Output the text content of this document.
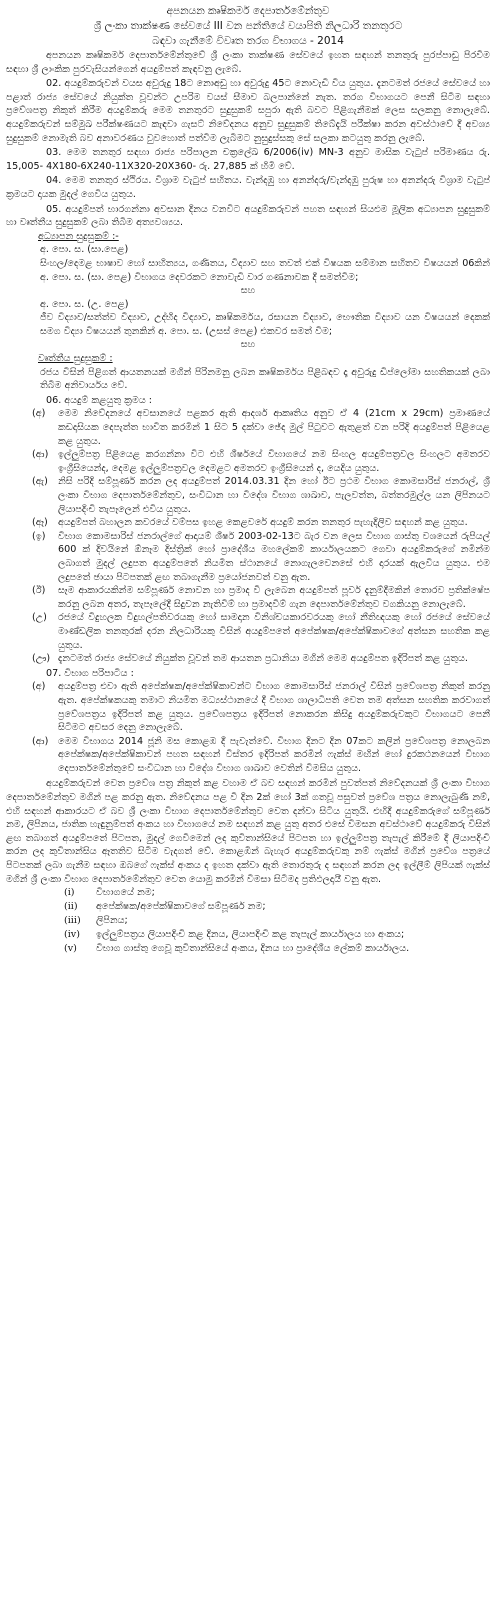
අපනයන කෘෂිකර්ම දෙපාර්තමේන්තුව
ශ්‍රී ලංකා තාක්ෂණ සේවයේ III වන පන්තියේ වයාපිති නිලධාරි තනතුරට
බඳවා ගැනීමේ විවෘත තරග විභාගය - 2014

අපනයන කෘෂිකර්ම දෙපාර්තමේන්තුවේ ශ්‍රී ලංකා තාක්ෂණ සේවයේ ඉහත සඳහන් තනතුරු පුරප්පාඩු පිරවීම සඳහා ශ්‍රී ලාංකික පුරවැසියන්ගෙන් අයදුම්පත් කැඳවනු ලැබේ.

02. අයදුම්කරුවන් වයස අවුරුදු 18ට නොඅඩු හා අවුරුදු 45ට නොවැඩි විය යුතුය. දැනටමත් රජයේ සේවයේ හා පළාත් රාජ්‍ය සේවයේ නියුක්ත වූවන්ට උපරිම වයස් සීමාව බලපාන්නේ නැත. තරග විභාගයට පෙනී සිටීම සඳහා ප්‍රවේශපත්‍ර නිකුත් කිරීම අයදුම්කරු මෙම තනතුරට සුදුසුකම් සපුරා ඇති බවට පිළිගැනීමක් ලෙස සලකනු නොලැබේ. අයදුම්කරුවන් සම්මුඛ පරීක්ෂණයට කැඳවා ගැසට් නිවේදනය අනුව සුදුසුකම් තිබේදැයි පරීක්ෂා කරන අවස්ථාවේ දී අවශ්‍ය සුදුසුකම් නොමැති බව අනාවරණය වුවහොත් පත්වීම ලැබීමට නුසුදුස්සකු සේ සලකා කටයුතු කරනු ලැබේ.

03. මෙම තනතුර සඳහා රාජ්‍ය පරිපාලන චක්‍රලේඛ 6/2006(iv) MN-3 අනුව මාසික වැටුප් පරිමාණය රු. 15,005- 4X180-6X240-11X320-20X360- රු. 27,885 ක් හිමි වේ.

04. මෙම තනතුර ස්ථිරය. විශ්‍රාම වැටුප් සහිතය. වැන්දඹු හා අනන්දරු/වැන්දඹු පුරුෂ හා අනන්දරු විශ්‍රාම වැටුප් ක්‍රමයට දායක මුදල් ගෙවිය යුතුය.

05. අයදුම්පත් භාරගන්නා අවසාන දිනය වනවිට අයදුම්කරුවන් පහත සඳහන් සියළුම මූලික අධ්‍යාපන සුදුසුකම් හා වෘත්තීය සුදුසුකම් ලබා තිබීම අත්‍යවශ්‍යය.

අධ්‍යාපන සුදුසුකම් :-

අ. පො. ස. (සා.පෙළ)

සිංහල/දෙමළ භාෂාව හෝ සාහිත්‍යය, ගණිතය, විද්‍යාව සහ තවත් එක් විෂයක සම්මාන සහිතව විෂයයන් 06කින් අ. පො. ස. (සා. පෙළ) විභාගය දෙවරකට නොවැඩි වාර ගණනාවක දී සමත්වීම;

සහ

අ. පො. ස. (උ. පෙළ)

ජීව විද්‍යාව/සත්ත්ව විද්‍යාව, උද්භිද විද්‍යාව, කෘෂිකර්මය, රසායන විද්‍යාව, භෞතික විද්‍යාව යන විෂයයන් දෙකක් සමග විද්‍යා විෂයයන් තුනකින් අ. පො. ස. (උසස් පෙළ) එකවර සමත් වීම;

සහ

වෘත්තීය සුදුසුකම් :

රජය විසින් පිළිගත් ආයතනයක් මගින් පිරිනමනු ලබන කෘෂිකර්මය පිළිබඳව දෑ අවුරුදු ඩිප්ලෝමා සහතිකයක් ලබා තිබීම අනිවාර්යය වේ.

06. අයදුම් කළයුතු ක්‍රමය :

(අ)	මෙම නිවේදනයේ අවසානයේ පළකර ඇති ආදර්ශ ආකෘතිය අනුව ඒ 4 (21cm x 29cm) ප්‍රමාණයේ කඩදාසියක දෙපැත්ත භාවිත කරමින් 1 සිට 5 දක්වා ඡේද මුල් පිටුවට ඇතුළත් වන පරිදි අයදුම්පත් පිළියෙළ කළ යුතුය.
(ආ)	ඉල්ලුම්පත්‍ර පිළියෙළ කරගන්නා විට එහි ශීර්ෂයේ විභාගයේ නම සිංහල අයදුම්පත්‍රවල සිංහලට අමතරව ඉංග්‍රීසියෙන්ද, දෙමළ ඉල්ලුම්පත්‍රවල දෙමළට අමතරව ඉංග්‍රීසියෙන් ද, යෙදිය යුතුය.
(ඇ)	නිසි පරිදි සම්පූර්ණ කරන ලද අයදුම්පත් 2014.03.31 දින හෝ ඊට ප්‍රථම විභාග කොමසාරිස් ජනරාල්, ශ්‍රී ලංකා විභාග දෙපාර්තමේන්තුව, සංවිධාන හා විදේශ විභාග ශාඛාව, පැලවත්ත, බත්තරමුල්ල යන ලිපිනයට ලියාපදිංචි තැපෑලෙන් එවිය යුතුය.
(ඈ)	අයදුම්පත් බහාලන කවරයේ වම්පස ඉහළ කෙළවරේ අයදුම් කරන තනතුර පැහැදිලිව සඳහන් කළ යුතුය.
(ඉ)	විභාග කොමසාරිස් ජනරාල්ගේ ආදායම් ශීර්ෂ 2003-02-13ට බැර වන ලෙස විභාග ගාස්තු වශයෙන් රුපියල් 600 ක් දිවයිනේ ඕනෑම දිස්ත්‍රික් හෝ ප්‍රාදේශීය මහලේකම් කාර්යාලයකට ගෙවා අයදුම්කරුගේ නමින්ම ලබාගත් මුදල් ලදුපත අයදුම්පතේ නියමිත ස්ථානයේ නොගැලවෙනසේ එහි දාරයක් ඇලවිය යුතුය. එම ලදුපතේ ඡායා පිටපතක් ළඟ තබාගැනීම ප්‍රයෝජනවත් වනු ඇත.
(ඊ)	සෑම ආකාරයකින්ම සම්පූර්ණ නොවන හා ප්‍රමාද වී ලැබෙන අයදුම්පත් පූර්ව දැනුම්දීමකින් තොරව ප්‍රතික්ෂේප කරනු ලබන අතර, තැපෑලේදී සිදුවන නැතිවීම් හා ප්‍රමාදවීම් ගැන දෙපාර්තමේන්තුව වගකියනු නොලැබේ.
(උ)	රජයේ විදුහලක විදුහල්පතිවරයකු හෝ සාමදාන විනිශ්චයකාරවරයකු හෝ නීතිඥයකු හෝ රජයේ සේවයේ මාණ්ඩලික තනතුරක් දරන නිලධාරියකු විසින් අයදුම්පතේ අපේක්ෂක/අපේක්ෂිකාවගේ අත්සන සහතික කළ යුතුය.
(ඌ) දැනටමත් රාජ්‍ය සේවයේ නියුක්ත වූවන් තම ආයතන ප්‍රධානියා මගින් මෙම අයදුම්පත ඉදිරිපත් කළ යුතුය.

07. විභාග පරිපාටිය :

(අ)	අයදුම්පත්‍ර එවා ඇති අපේක්ෂක/අපේක්ෂිකාවන්ට විභාග කොමසාරිස් ජනරාල් විසින් ප්‍රවේශපත්‍ර නිකුත් කරනු ඇත. අපේක්ෂකයකු තමාට නියමිත මධ්‍යස්ථානයේ දී විභාග ශාලාධිපති වෙත තම අත්සන සහතික කරවාගත් ප්‍රවේශපත්‍රය ඉදිරිපත් කළ යුතුය. ප්‍රවේශපත්‍රය ඉදිරිපත් නොකරන කිසිදු අයදුම්කරුවකුට විභාගයට පෙනී සිටීමට අවසර දෙනු නොලැබේ.
(ආ)	මෙම විභාගය 2014 ජූනි මස කොළඹ දී පැවැත්වේ. විභාග දිනට දින 07කට කලින් ප්‍රවේශපත්‍ර නොලබන අපේක්ෂක/අපේක්ෂිකාවන් පහත සඳහන් විස්තර ඉදිරිපත් කරමින් ෆැක්ස් මඟින් හෝ දුරකථනයෙන් විභාග දෙපාර්තමේන්තුවේ සංවිධාන හා විදේශ විභාග ශාඛාව වෙතින් විමසිය යුතුය.

අයදුම්කරුවන් වෙත ප්‍රවේශ පත්‍ර නිකුත් කළ වහාම ඒ බව සඳහන් කරමින් පුවත්පත් නිවේදනයක් ශ්‍රී ලංකා විභාග දෙපාර්තමේන්තුව මගින් පළ කරනු ඇත. නිවේදනය පළ වී දින 2ක් හෝ 3ක් ගතවූ පසුවත් ප්‍රවේශ පත්‍රය නොලැබුණි නම්, එහි සඳහන් ආකාරයට ඒ බව ශ්‍රී ලංකා විභාග දෙපාර්තමේන්තුව වෙත දන්වා සිටිය යුතුයි. එහිදී අයදුම්කරුගේ සම්පූර්ණ නම, ලිපිනය, ජාතික හැඳුනුම්පත් අංකය හා විභාගයේ නම සඳහන් කළ යුතු අතර එසේ විමසන අවස්ථාවේ අයදුම්කරු විසින් ළඟ තබාගත් අයදුම්පතේ පිටපත, මුදල් ගෙවීමෙන් ලද කුවිතාන්සියේ පිටපත හා ඉල්ලුම්පත්‍ර තැපැල් කිරීමේ දී ලියාපදිංචි කරන ලද කුවිතාන්සිය ඈතතිව සිටීම වැදගත් වේ. කොළඹින් බැහැර අයදුම්කරුවකු නම් ෆැක්ස් මගින් ප්‍රවේශ පත්‍රයේ පිටපතක් ලබා ගැනීම සඳහා ඔබගේ ෆැක්ස් අංකය ද ඉහත දක්වා ඇති තොරතුරු ද සඳහන් කරන ලද ඉල්ලීම් ලිපියක් ෆැක්ස් මගින් ශ්‍රී ලංකා විභාග දෙපාර්තමේන්තුව වෙත යොමු කරමින් විමසා සිටීමද ප්‍රතිඵලදායී වනු ඇත.

(i)	විභාගයේ නම;
(ii)	අපේක්ෂක/අපේක්ෂිකාවගේ සම්පූර්ණ නම;
(iii)	ලිපිනය;
(iv)	ඉල්ලුම්පත්‍රය ලියාපදිංචි කළ දිනය, ලියාපදිංචි කළ තැපැල් කාර්යාලය හා අංකය;
(v)	විභාග ගාස්තු ගෙවූ කුවිතාන්සියේ අංකය, දිනය හා ප්‍රාදේශීය ලේකම් කාර්යාලය.
